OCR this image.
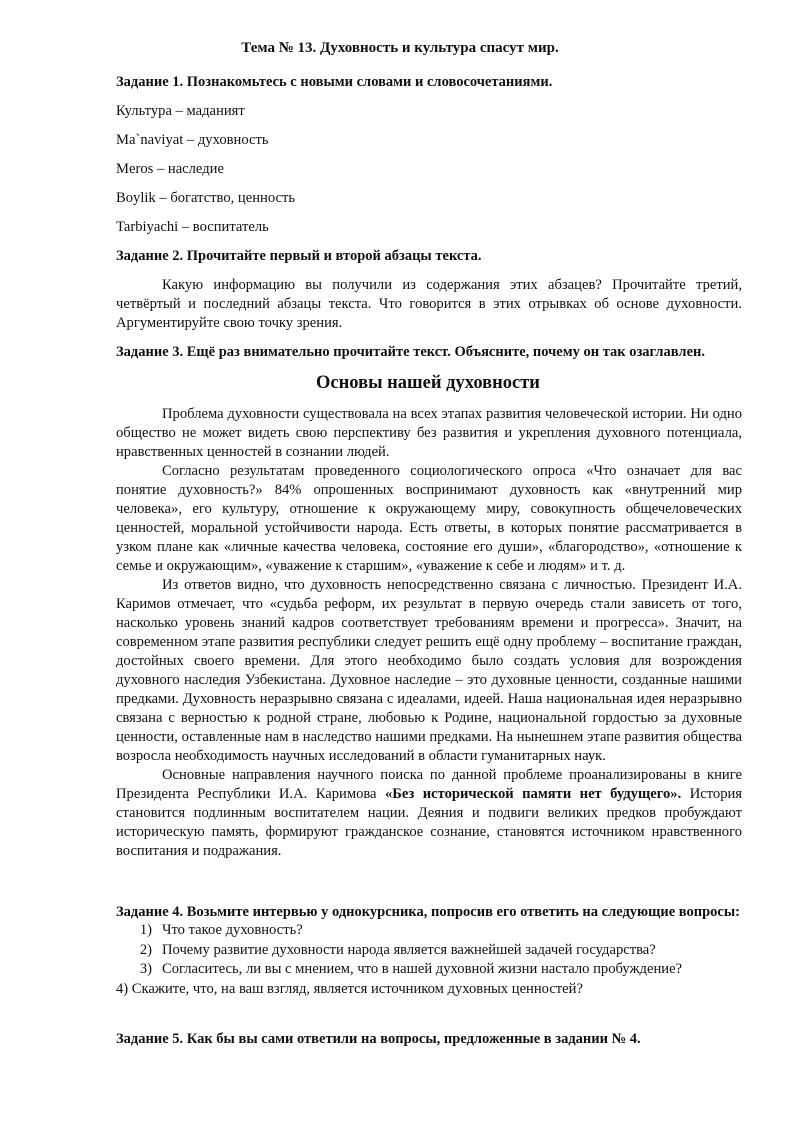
Тема № 13. Духовность и культура спасут мир.
Задание 1. Познакомьтесь с новыми словами и словосочетаниями.
Культура – маданият
Ma`naviyat – духовность
Meros – наследие
Boylik – богатство, ценность
Tarbiyachi – воспитатель
Задание 2. Прочитайте первый и второй абзацы текста.

Какую информацию вы получили из содержания этих абзацев? Прочитайте третий, четвёртый и последний абзацы текста. Что говорится в этих отрывках об основе духовности. Аргументируйте свою точку зрения.

Задание 3. Ещё раз внимательно прочитайте текст. Объясните, почему он так озаглавлен.
Основы нашей духовности

Проблема духовности существовала на всех этапах развития человеческой истории. Ни одно общество не может видеть свою перспективу без развития и укрепления духовного потенциала, нравственных ценностей в сознании людей.

Согласно результатам проведенного социологического опроса «Что означает для вас понятие духовность?» 84% опрошенных воспринимают духовность как «внутренний мир человека», его культуру, отношение к окружающему миру, совокупность общечеловеческих ценностей, моральной устойчивости народа. Есть ответы, в которых понятие рассматривается в узком плане как «личные качества человека, состояние его души», «благородство», «отношение к семье и окружающим», «уважение к старшим», «уважение к себе и людям» и т. д.

Из ответов видно, что духовность непосредственно связана с личностью. Президент И.А. Каримов отмечает, что «судьба реформ, их результат в первую очередь стали зависеть от того, насколько уровень знаний кадров соответствует требованиям времени и прогресса». Значит, на современном этапе развития республики следует решить ещё одну проблему – воспитание граждан, достойных своего времени. Для этого необходимо было создать условия для возрождения духовного наследия Узбекистана. Духовное наследие – это духовные ценности, созданные нашими предками. Духовность неразрывно связана с идеалами, идеей. Наша национальная идея неразрывно связана с верностью к родной стране, любовью к Родине, национальной гордостью за духовные ценности, оставленные нам в наследство нашими предками. На нынешнем этапе развития общества возросла необходимость научных исследований в области гуманитарных наук.

Основные направления научного поиска по данной проблеме проанализированы в книге Президента Республики И.А. Каримова «Без исторической памяти нет будущего». История становится подлинным воспитателем нации. Деяния и подвиги великих предков пробуждают историческую память, формируют гражданское сознание, становятся источником нравственного воспитания и подражания.

Задание 4. Возьмите интервью у однокурсника, попросив его ответить на следующие вопросы:
1) Что такое духовность?
2) Почему развитие духовности народа является важнейшей задачей государства?
3) Согласитесь, ли вы с мнением, что в нашей духовной жизни настало пробуждение?
4) Скажите, что, на ваш взгляд, является источником духовных ценностей?
Задание 5. Как бы вы сами ответили на вопросы, предложенные в задании № 4.
